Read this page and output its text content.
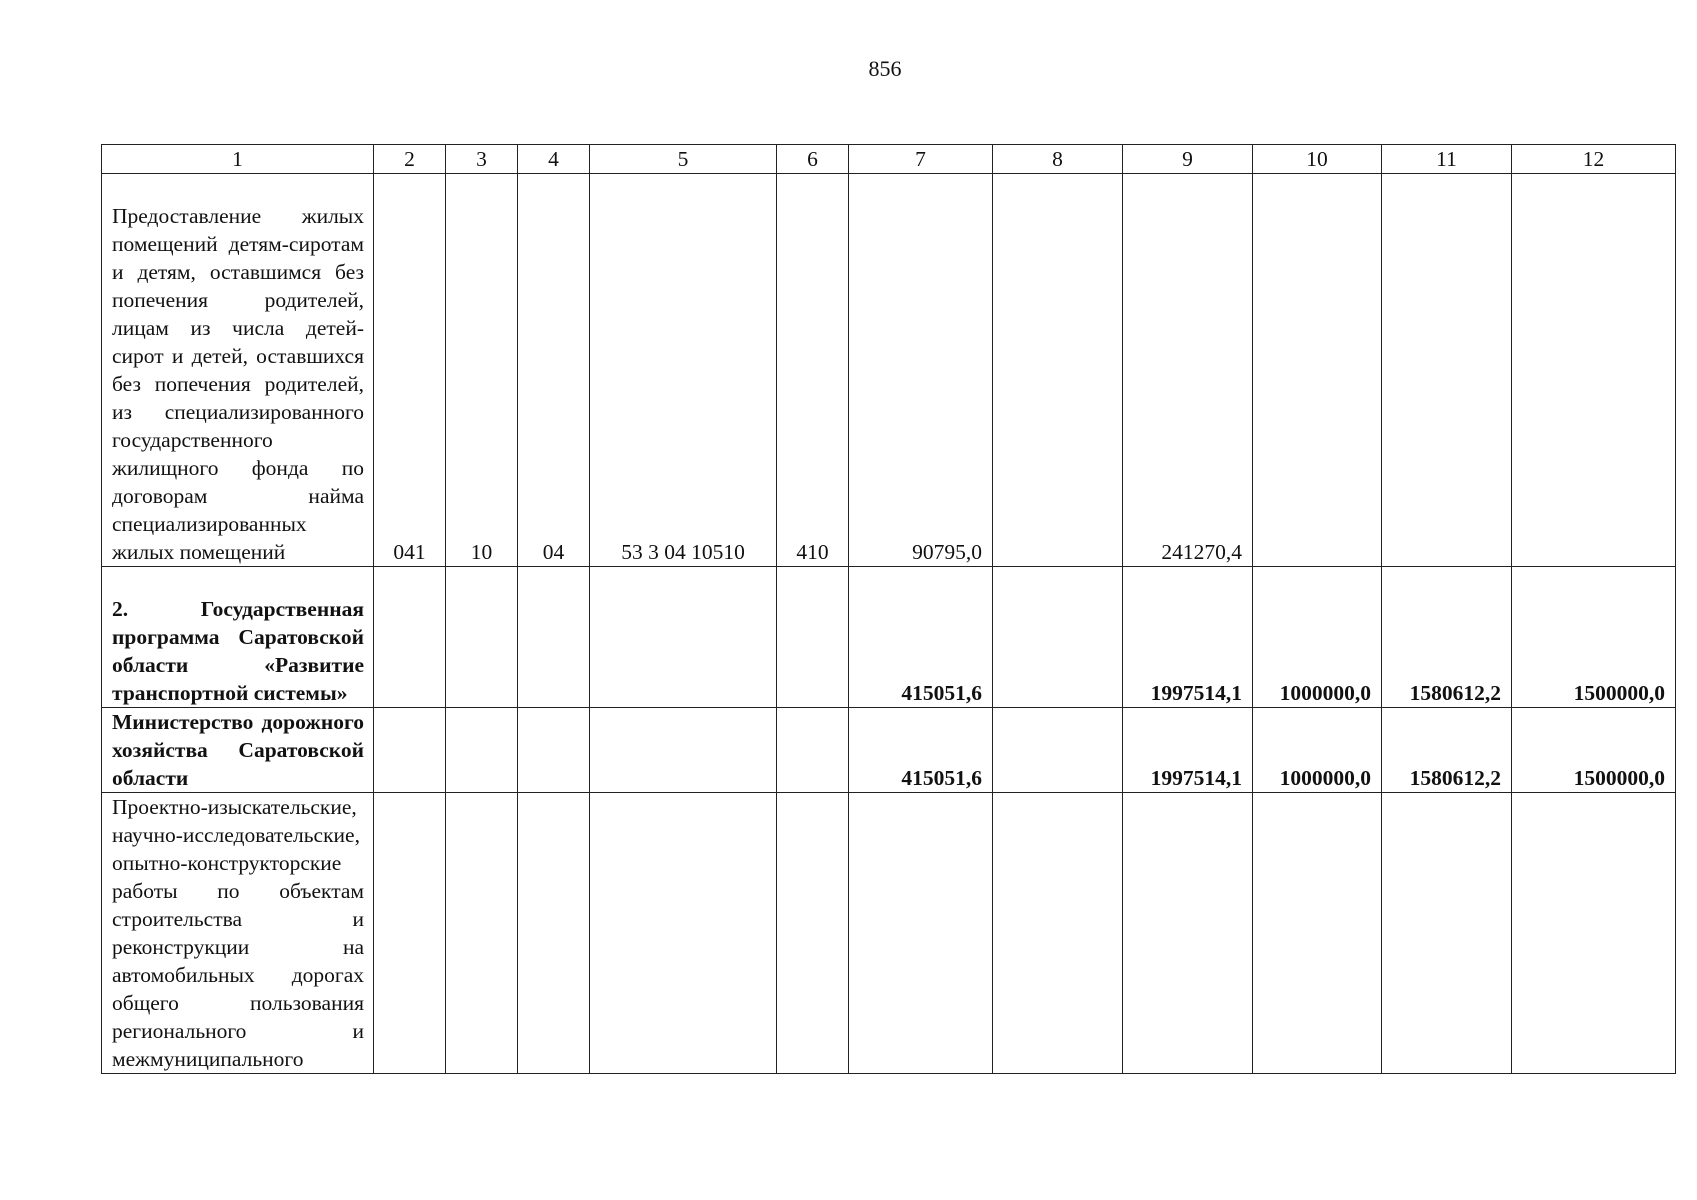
856
1	2	3	4	5	6	7	8	9	10	11	12
Предоставление жилых помещений детям-сиротам и детям, оставшимся без попечения родителей, лицам из числа детей-сирот и детей, оставшихся без попечения родителей, из специализированного государственного жилищного фонда по договорам найма специализированных жилых помещений	041	10	04	53 3 04 10510	410	90795,0		241270,4			
2. Государственная программа Саратовской области «Развитие транспортной системы»						415051,6		1997514,1	1000000,0	1580612,2	1500000,0
Министерство дорожного хозяйства Саратовской области						415051,6		1997514,1	1000000,0	1580612,2	1500000,0
Проектно-изыскательские, научно-исследовательские, опытно-конструкторские работы по объектам строительства и реконструкции на автомобильных дорогах общего пользования регионального и межмуниципального											
